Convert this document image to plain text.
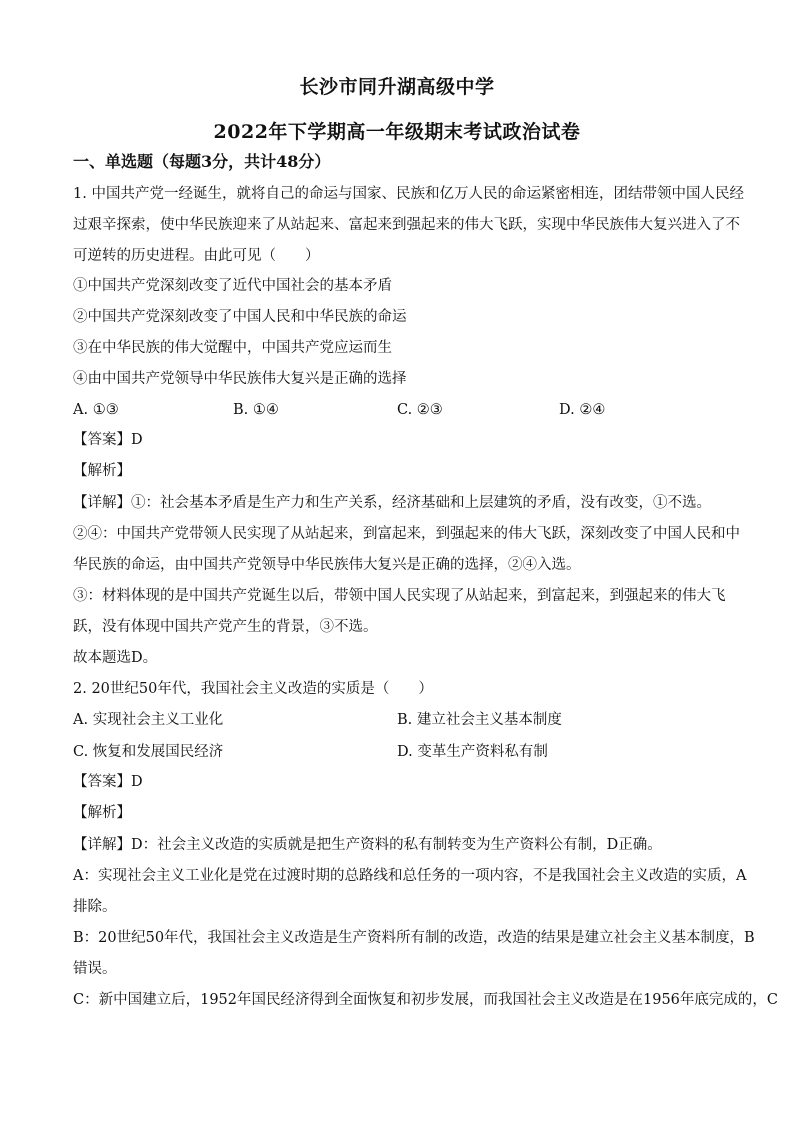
长沙市同升湖高级中学
2022年下学期高一年级期末考试政治试卷
一、单选题（每题3分，共计48分）
1. 中国共产党一经诞生，就将自己的命运与国家、民族和亿万人民的命运紧密相连，团结带领中国人民经
过艰辛探索，使中华民族迎来了从站起来、富起来到强起来的伟大飞跃，实现中华民族伟大复兴进入了不
可逆转的历史进程。由此可见（　　）
①中国共产党深刻改变了近代中国社会的基本矛盾
②中国共产党深刻改变了中国人民和中华民族的命运
③在中华民族的伟大觉醒中，中国共产党应运而生
④由中国共产党领导中华民族伟大复兴是正确的选择
A. ①③	B. ①④	C. ②③	D. ②④
【答案】D
【解析】
【详解】①：社会基本矛盾是生产力和生产关系，经济基础和上层建筑的矛盾，没有改变，①不选。
②④：中国共产党带领人民实现了从站起来，到富起来，到强起来的伟大飞跃，深刻改变了中国人民和中
华民族的命运，由中国共产党领导中华民族伟大复兴是正确的选择，②④入选。
③：材料体现的是中国共产党诞生以后，带领中国人民实现了从站起来，到富起来，到强起来的伟大飞
跃，没有体现中国共产党产生的背景，③不选。
故本题选D。
2. 20世纪50年代，我国社会主义改造的实质是（　　）
A. 实现社会主义工业化	B. 建立社会主义基本制度
C. 恢复和发展国民经济	D. 变革生产资料私有制
【答案】D
【解析】
【详解】D：社会主义改造的实质就是把生产资料的私有制转变为生产资料公有制，D正确。
A：实现社会主义工业化是党在过渡时期的总路线和总任务的一项内容，不是我国社会主义改造的实质，A
排除。
B：20世纪50年代，我国社会主义改造是生产资料所有制的改造，改造的结果是建立社会主义基本制度，B
错误。
C：新中国建立后，1952年国民经济得到全面恢复和初步发展，而我国社会主义改造是在1956年底完成的，C
